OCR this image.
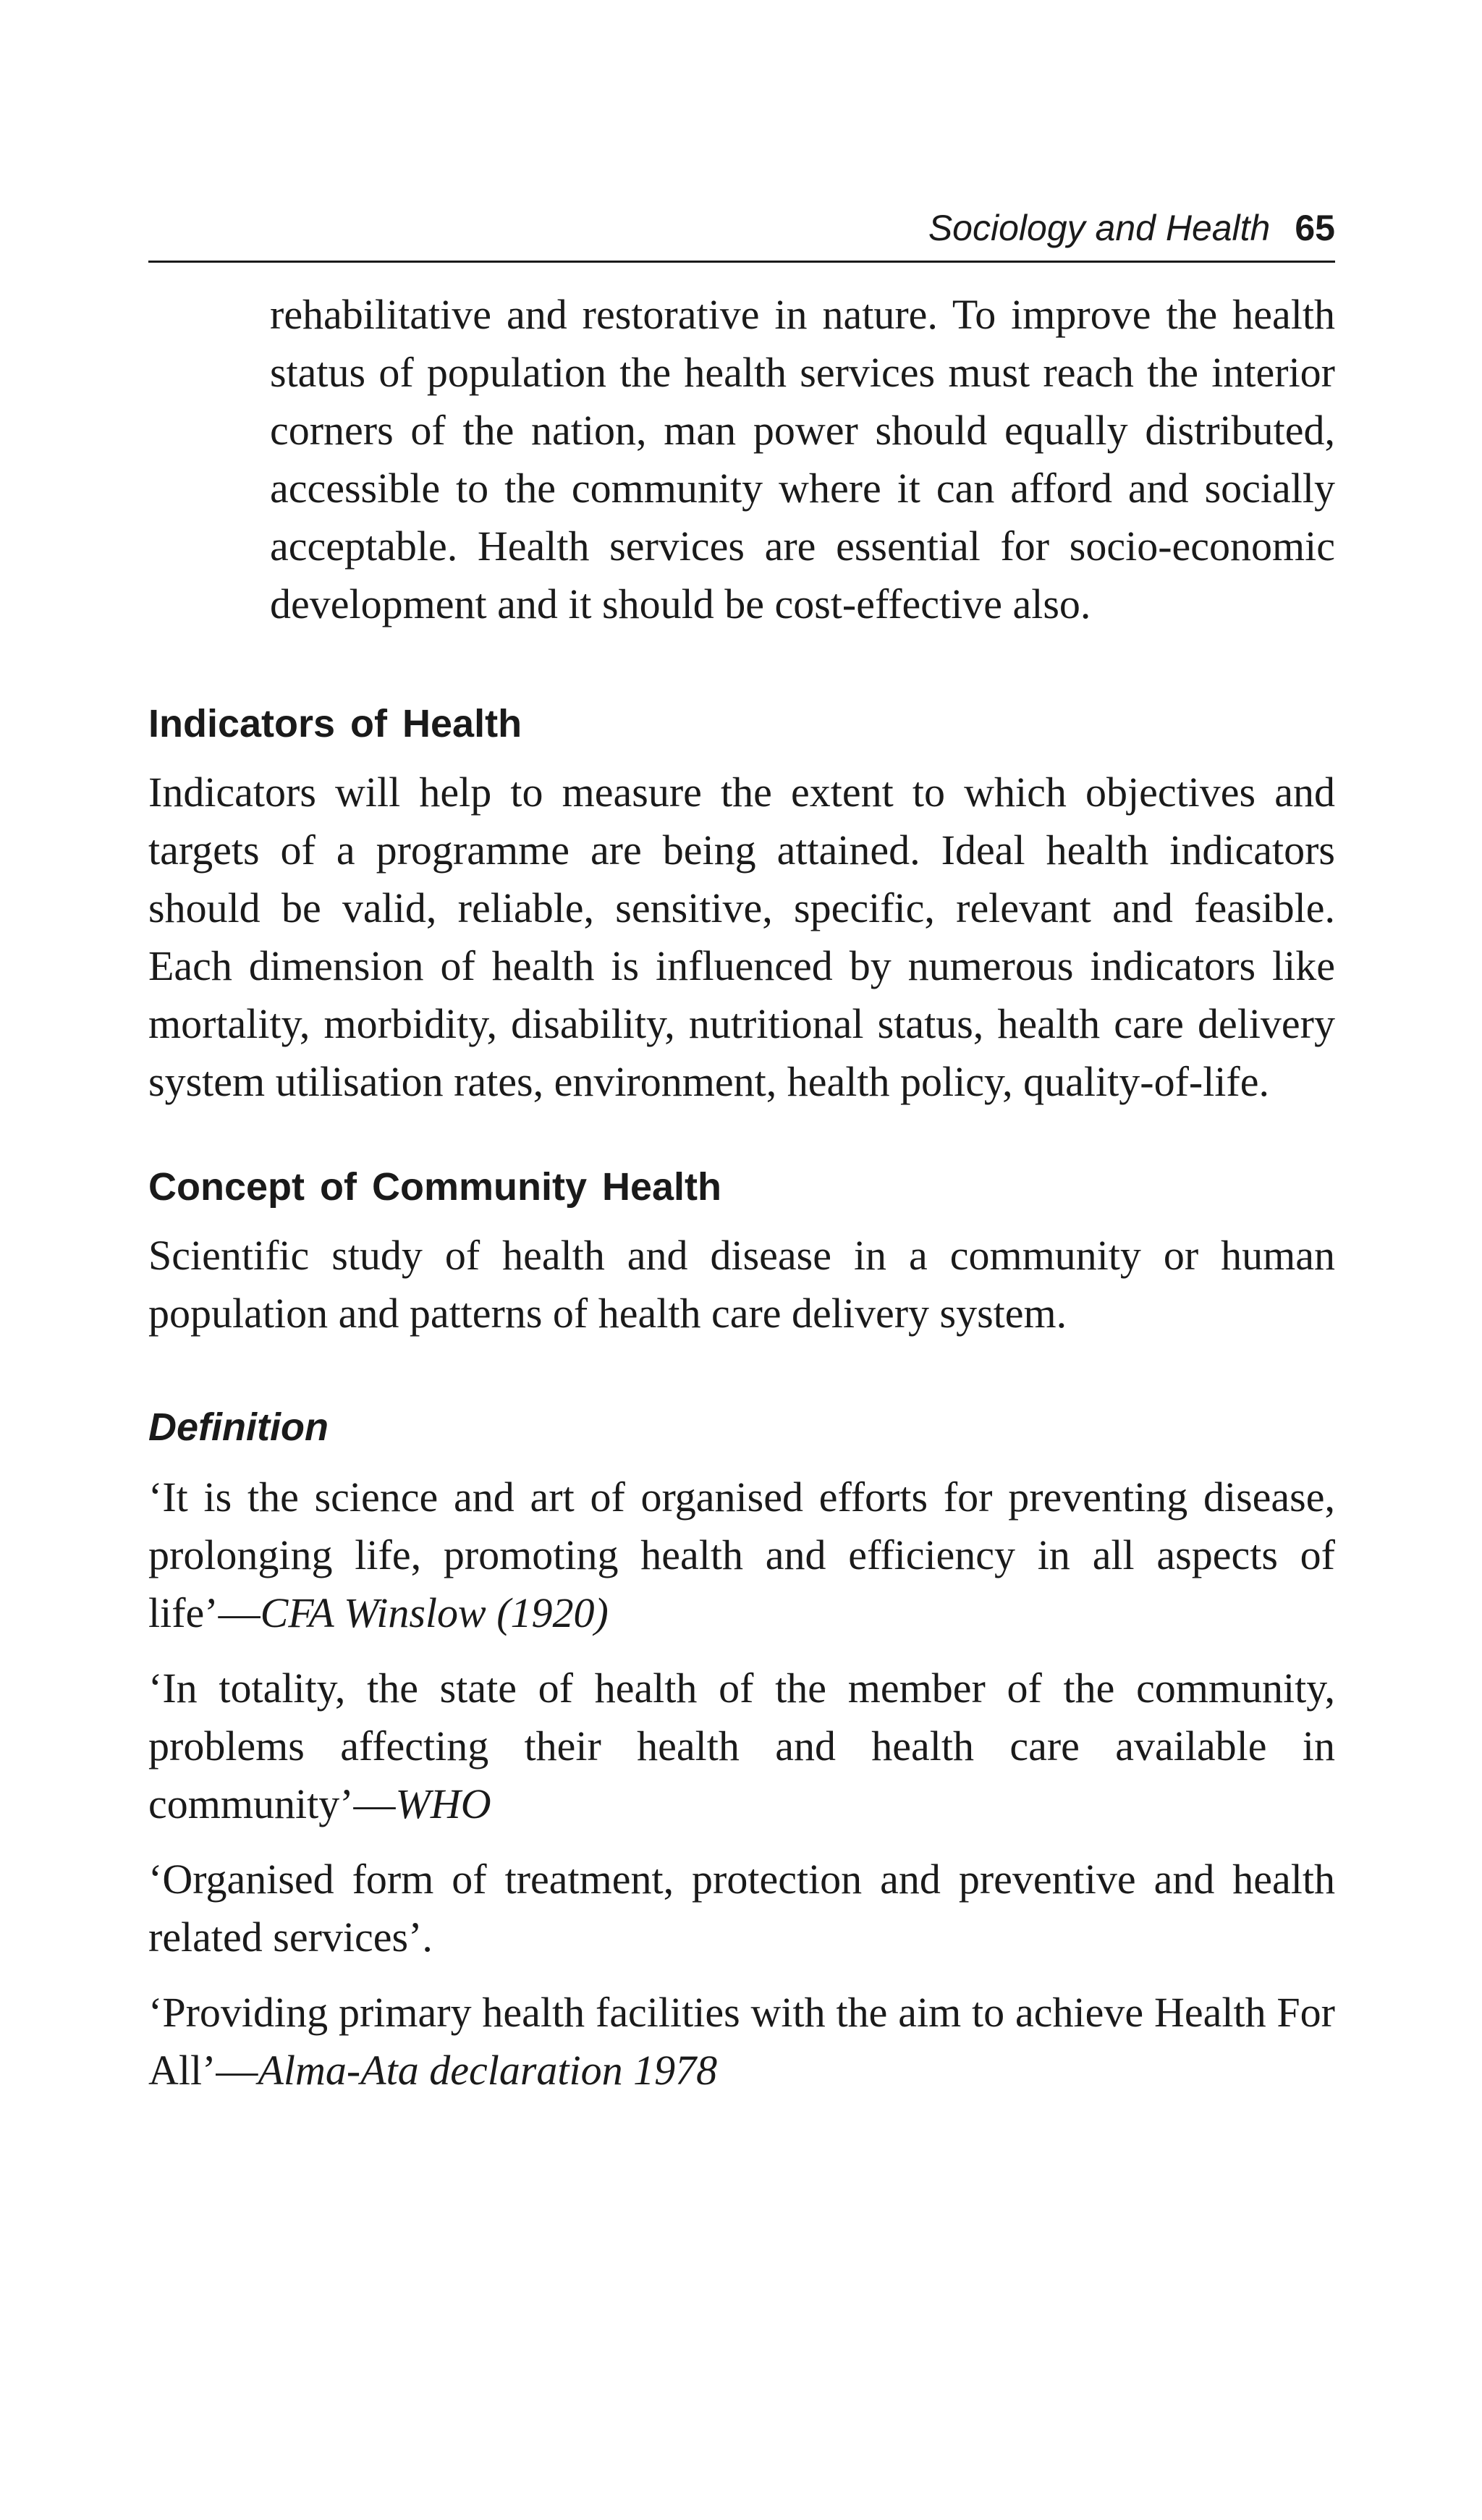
Sociology and Health 65

rehabilitative and restorative in nature. To improve the health status of population the health services must reach the interior corners of the nation, man power should equally distributed, accessible to the community where it can afford and socially acceptable. Health services are essential for socio-economic development and it should be cost-effective also.

Indicators of Health

Indicators will help to measure the extent to which objectives and targets of a programme are being attained. Ideal health indicators should be valid, reliable, sensitive, specific, relevant and feasible. Each dimension of health is influenced by numerous indicators like mortality, morbidity, disability, nutritional status, health care delivery system utilisation rates, environment, health policy, quality-of-life.

Concept of Community Health

Scientific study of health and disease in a community or human population and patterns of health care delivery system.

Definition

‘It is the science and art of organised efforts for preventing disease, prolonging life, promoting health and efficiency in all aspects of life’—CFA Winslow (1920)

‘In totality, the state of health of the member of the community, problems affecting their health and health care available in community’—WHO

‘Organised form of treatment, protection and preventive and health related services’.

‘Providing primary health facilities with the aim to achieve Health For All’—Alma-Ata declaration 1978
